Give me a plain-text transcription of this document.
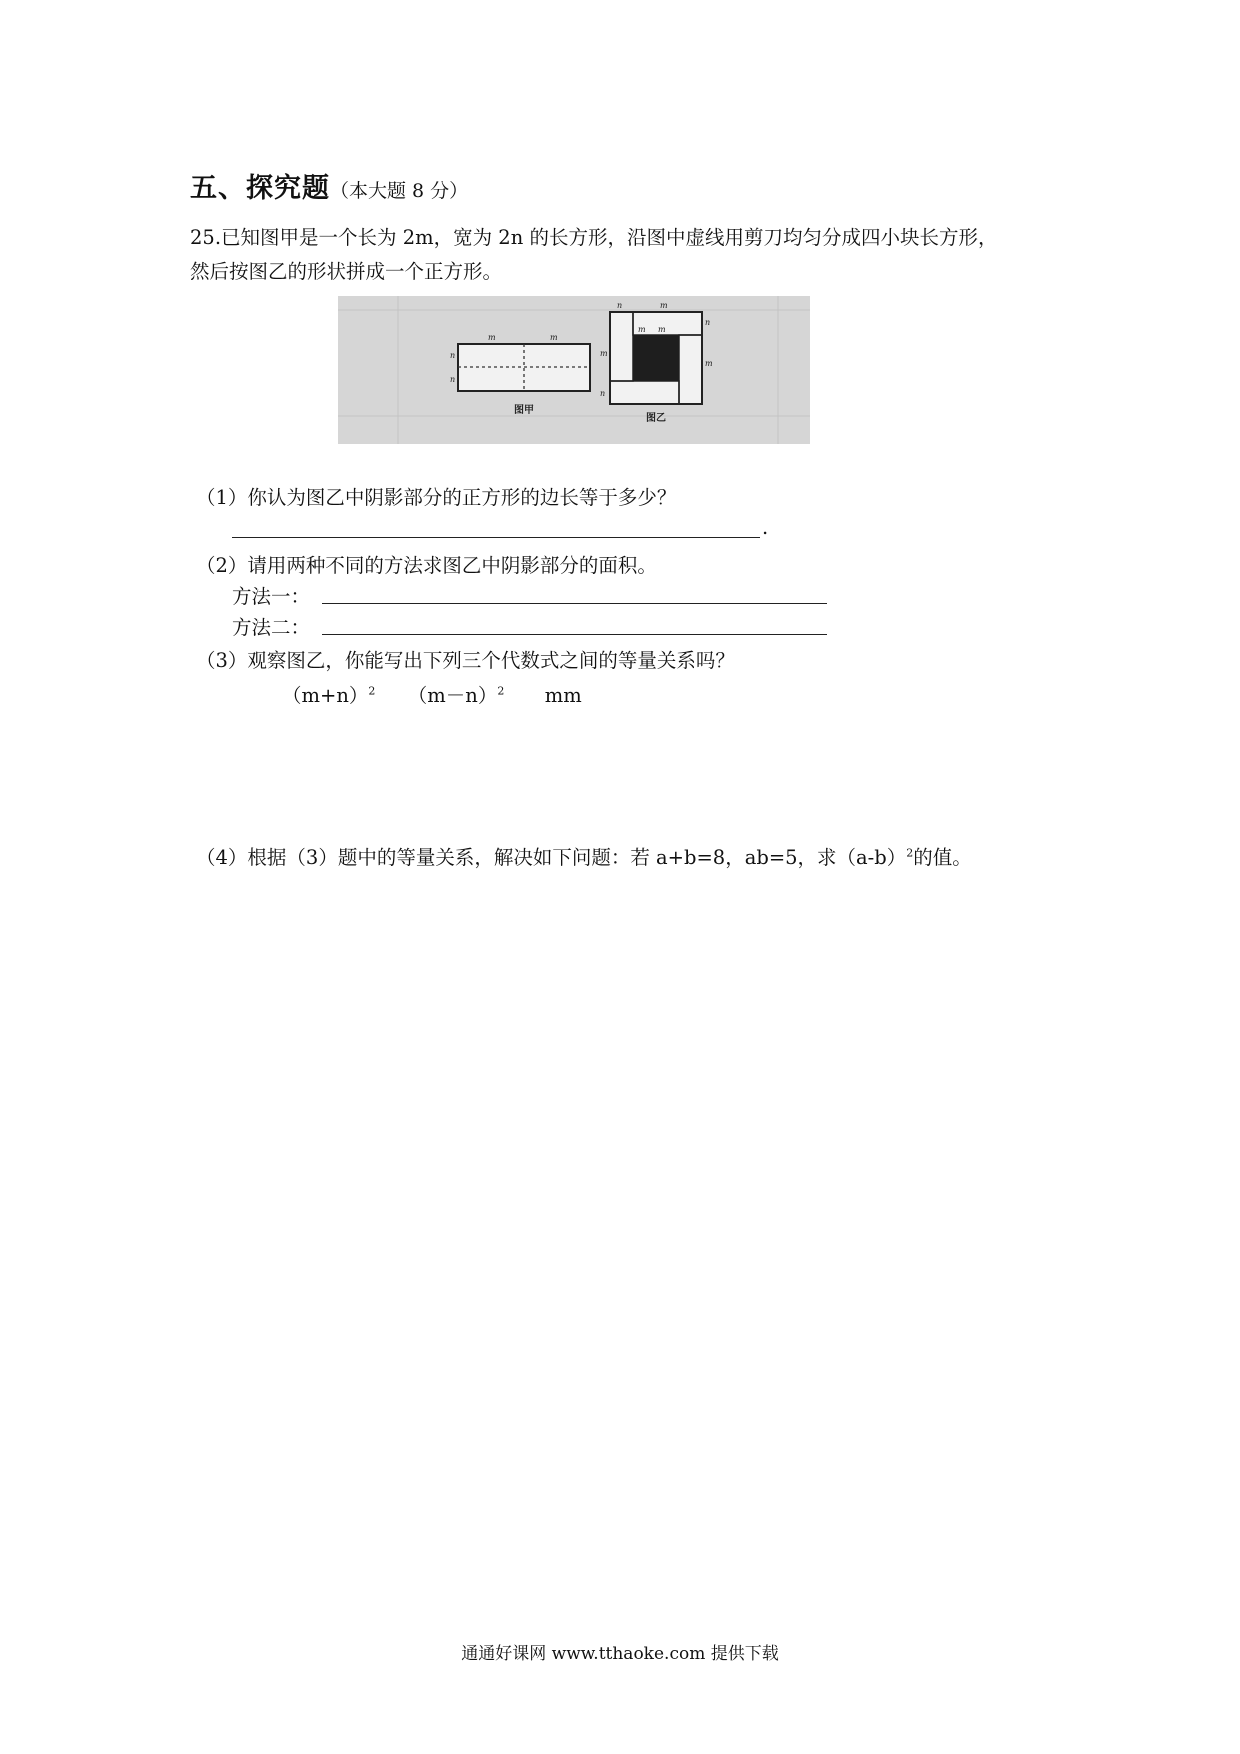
五、探究题（本大题 8 分）
25.已知图甲是一个长为 2m，宽为 2n 的长方形，沿图中虚线用剪刀均匀分成四小块长方形，
然后按图乙的形状拼成一个正方形。
m	m
n
n
图甲
n	m
n
m
m
n
m m
图乙
（1）你认为图乙中阴影部分的正方形的边长等于多少？
.
（2）请用两种不同的方法求图乙中阴影部分的面积。
方法一：
方法二：
（3）观察图乙，你能写出下列三个代数式之间的等量关系吗？
$(m+n)^2$ $(m-n)^2$ mm
（4）根据（3）题中的等量关系，解决如下问题：若 a+b=8，ab=5，求$(a-b)^2$的值。
通通好课网 www.tthaoke.com 提供下载
